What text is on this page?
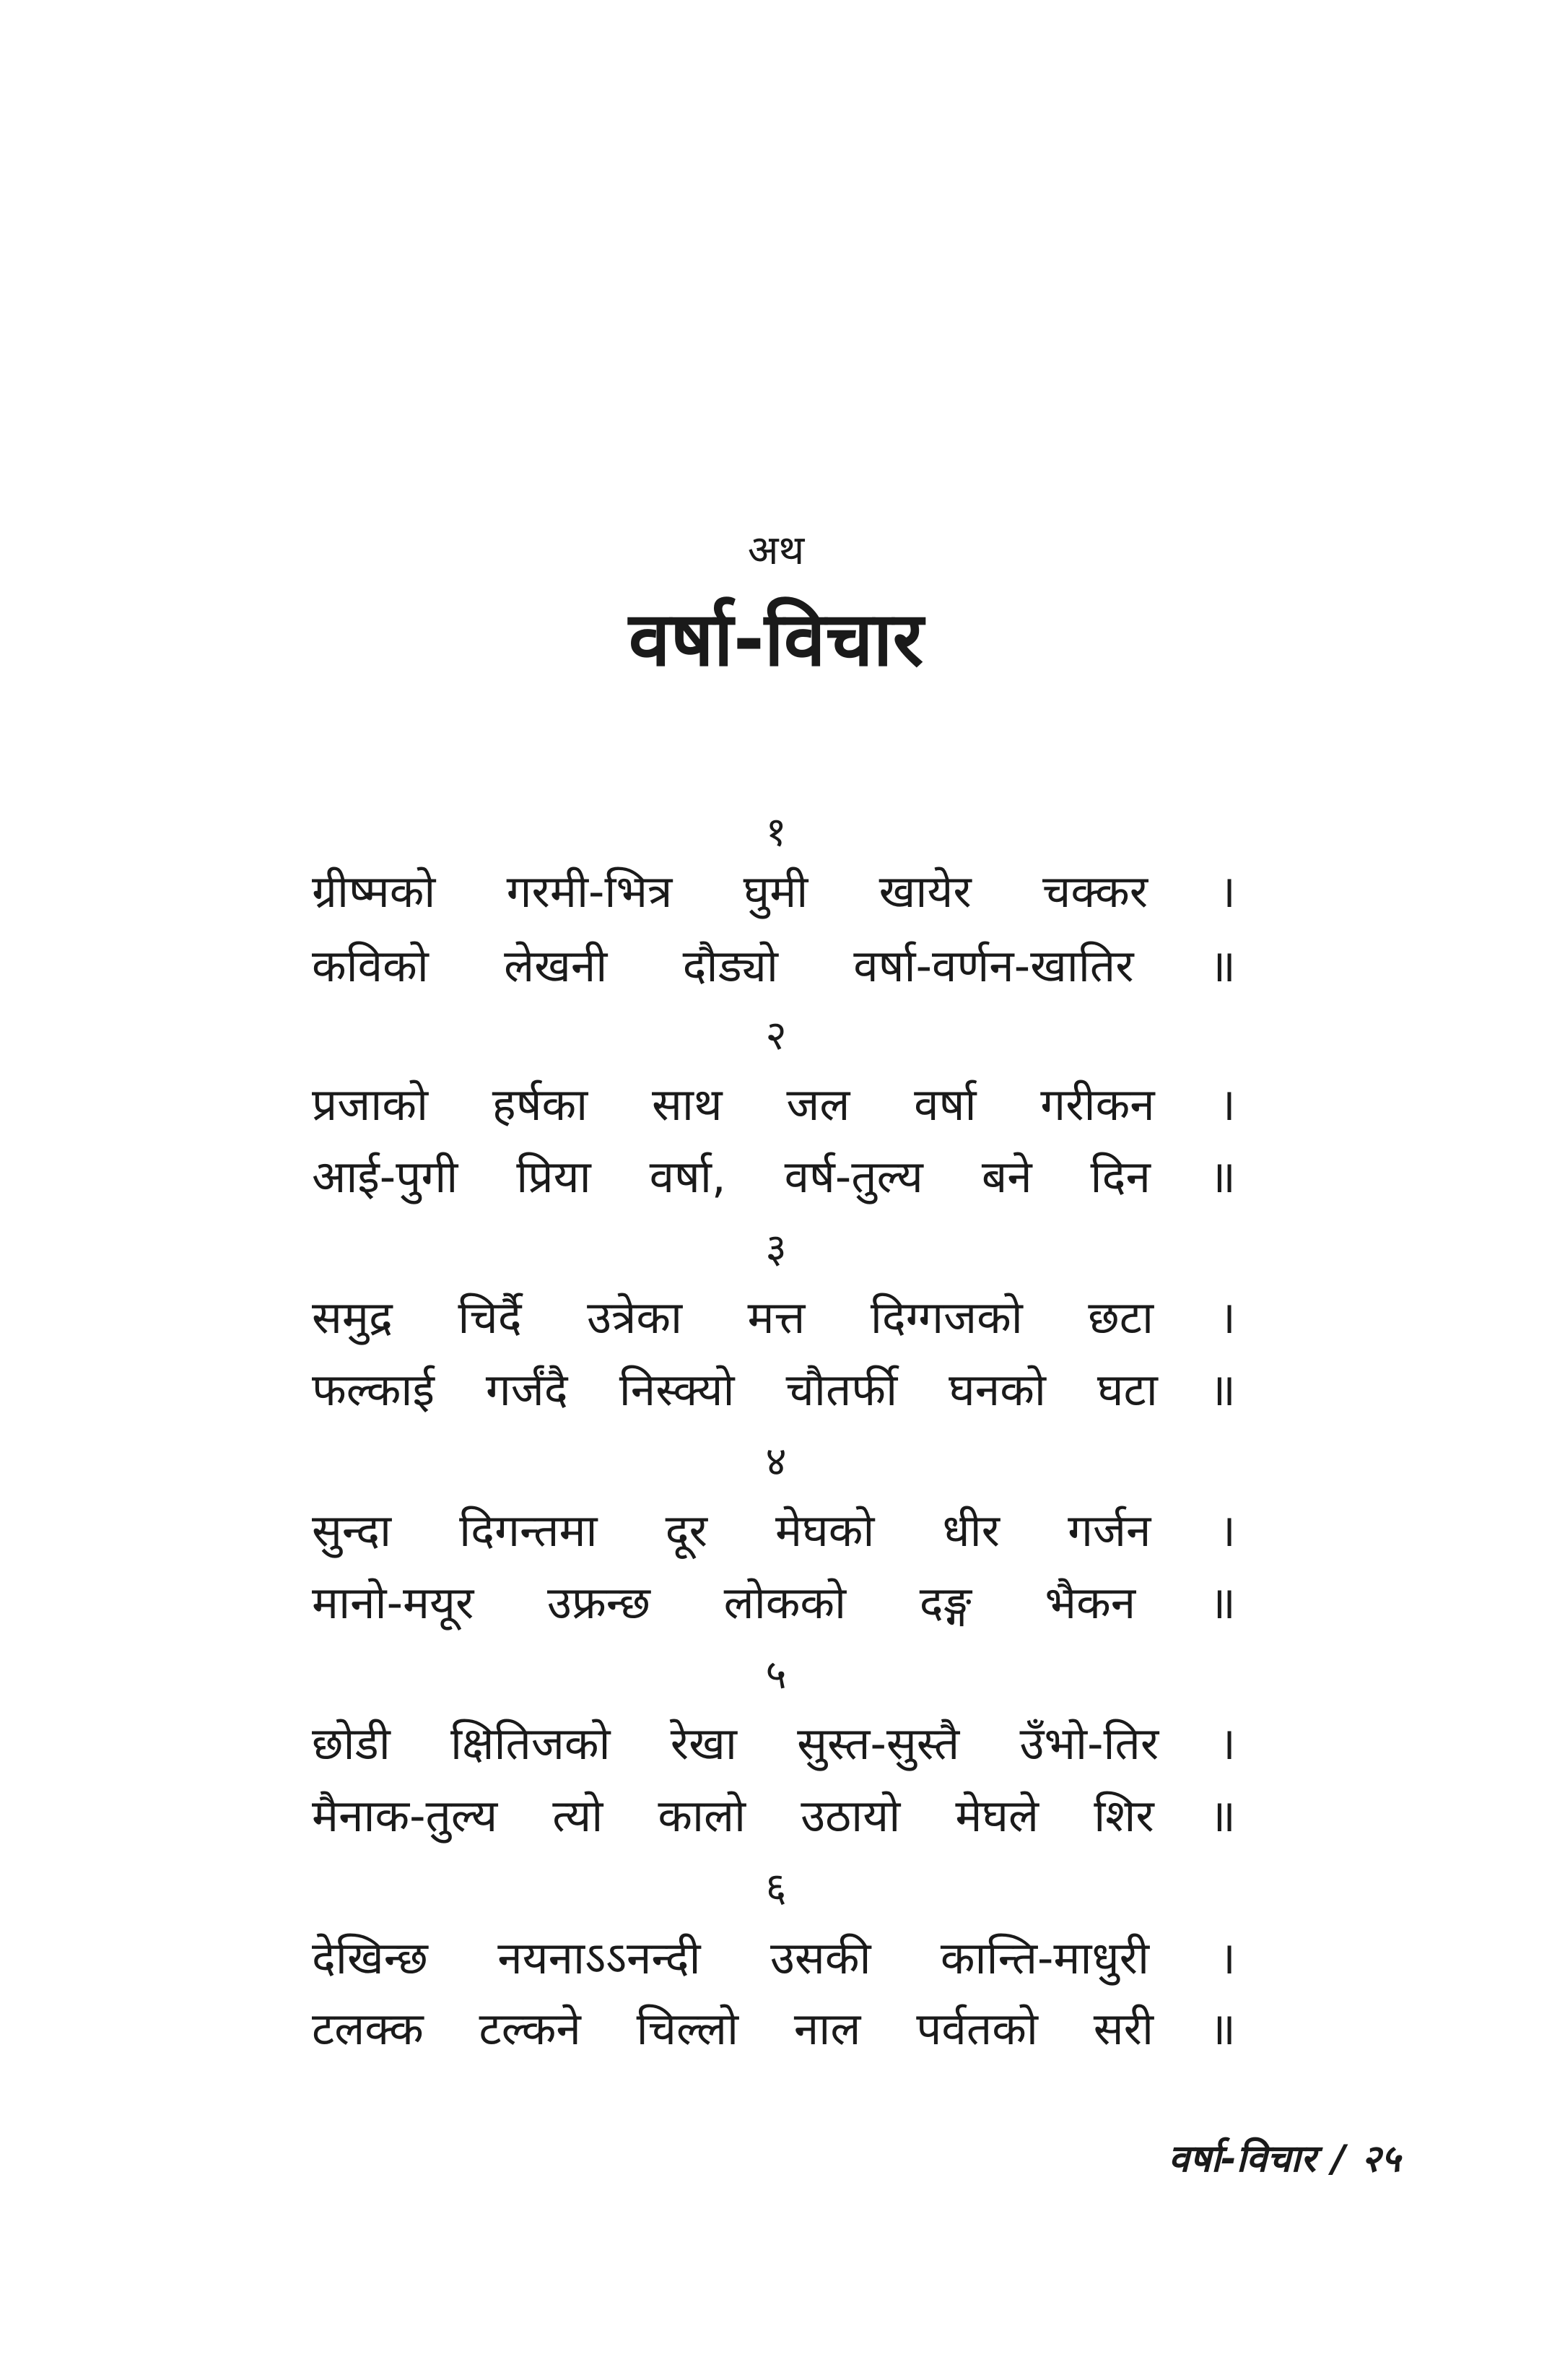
अथ
वर्षा-विचार
१
ग्रीष्मको गरमी-भित्र घुमी खायेर चक्कर ।
कविको लेखनी दौड्यो वर्षा-वर्णन-खातिर ॥
२
प्रजाको हर्षका साथ जल वर्षा गरीकन ।
आई-पुगी प्रिया वर्षा, वर्ष-तुल्य बने दिन ॥
३
समुद्र चिर्दै उत्रेका मत्त दिग्गजको छटा ।
फल्काई गर्जंदै निस्क्यो चौतर्फी घनको घटा ॥
४
सुन्दा दिगन्तमा दूर मेघको धीर गर्जन ।
मानो-मयूर उफ्रन्छ लोकको दङ्ग भैकन ॥
५
छोडी क्षितिजको रेखा सुस्त-सुस्तै उँभो-तिर ।
मैनाक-तुल्य त्यो कालो उठायो मेघले शिर ॥
६
देखिन्छ नयनाऽऽनन्दी उसकी कान्ति-माधुरी ।
टलक्क टल्कने चिल्लो नाल पर्वतको सरी ॥
वर्षा-विचार / २५
